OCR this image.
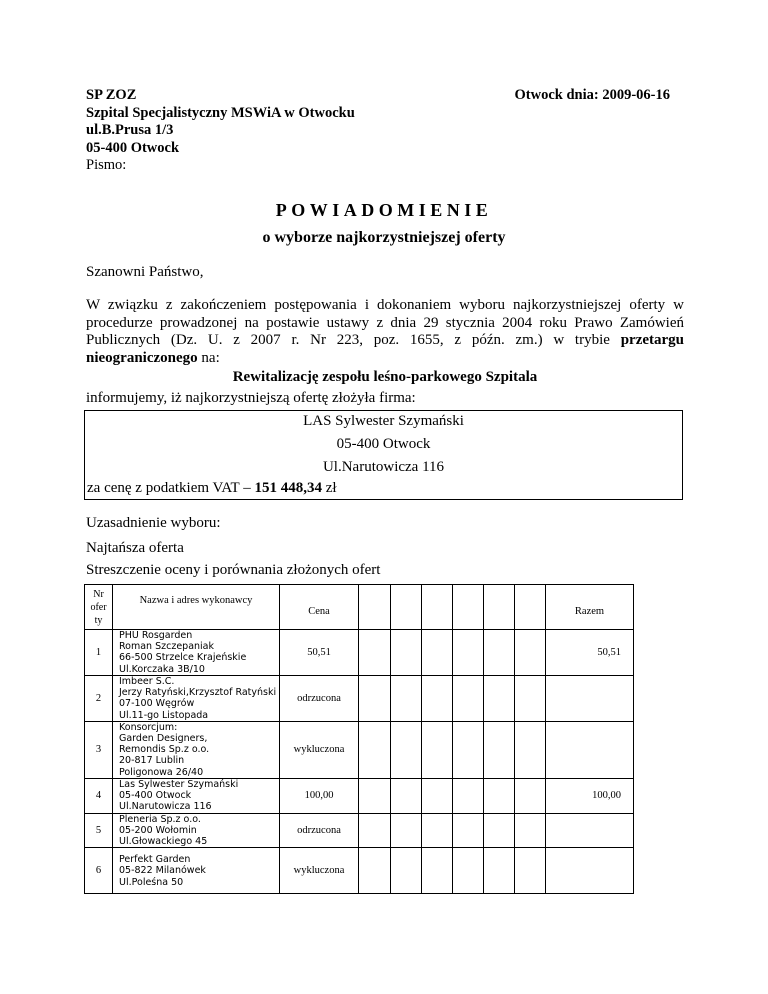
SP ZOZ
Szpital Specjalistyczny MSWiA w Otwocku
ul.B.Prusa 1/3
05-400 Otwock
Pismo:
Otwock dnia: 2009-06-16
POWIADOMIENIE
o wyborze najkorzystniejszej oferty
Szanowni Państwo,
W związku z zakończeniem postępowania i dokonaniem wyboru najkorzystniejszej oferty w
procedurze prowadzonej na postawie ustawy z dnia 29 stycznia 2004 roku Prawo Zamówień
Publicznych (Dz. U. z 2007 r. Nr 223, poz. 1655, z późn. zm.) w trybie przetargu
nieograniczonego na:
Rewitalizację zespołu leśno-parkowego Szpitala
informujemy, iż najkorzystniejszą ofertę złożyła firma:
LAS Sylwester Szymański
05-400 Otwock
Ul.Narutowicza 116
za cenę z podatkiem VAT – 151 448,34 zł
Uzasadnienie wyboru:
Najtańsza oferta
Streszczenie oceny i porównania złożonych ofert
Nr ofer ty	Nazwa i adres wykonawcy	Cena							Razem
1	PHU Rosgarden
Roman Szczepaniak
66-500 Strzelce Krajeńskie
Ul.Korczaka 3B/10	50,51							50,51
2	Imbeer S.C.
Jerzy Ratyński,Krzysztof Ratyński
07-100 Węgrów
Ul.11-go Listopada	odrzucona							
3	Konsorcjum:
Garden Designers,
Remondis Sp.z o.o.
20-817 Lublin
Poligonowa 26/40	wykluczona							
4	Las Sylwester Szymański
05-400 Otwock
Ul.Narutowicza 116	100,00							100,00
5	Pleneria Sp.z o.o.
05-200 Wołomin
Ul.Głowackiego 45	odrzucona							
6	Perfekt Garden
05-822 Milanówek
Ul.Poleśna 50	wykluczona							
